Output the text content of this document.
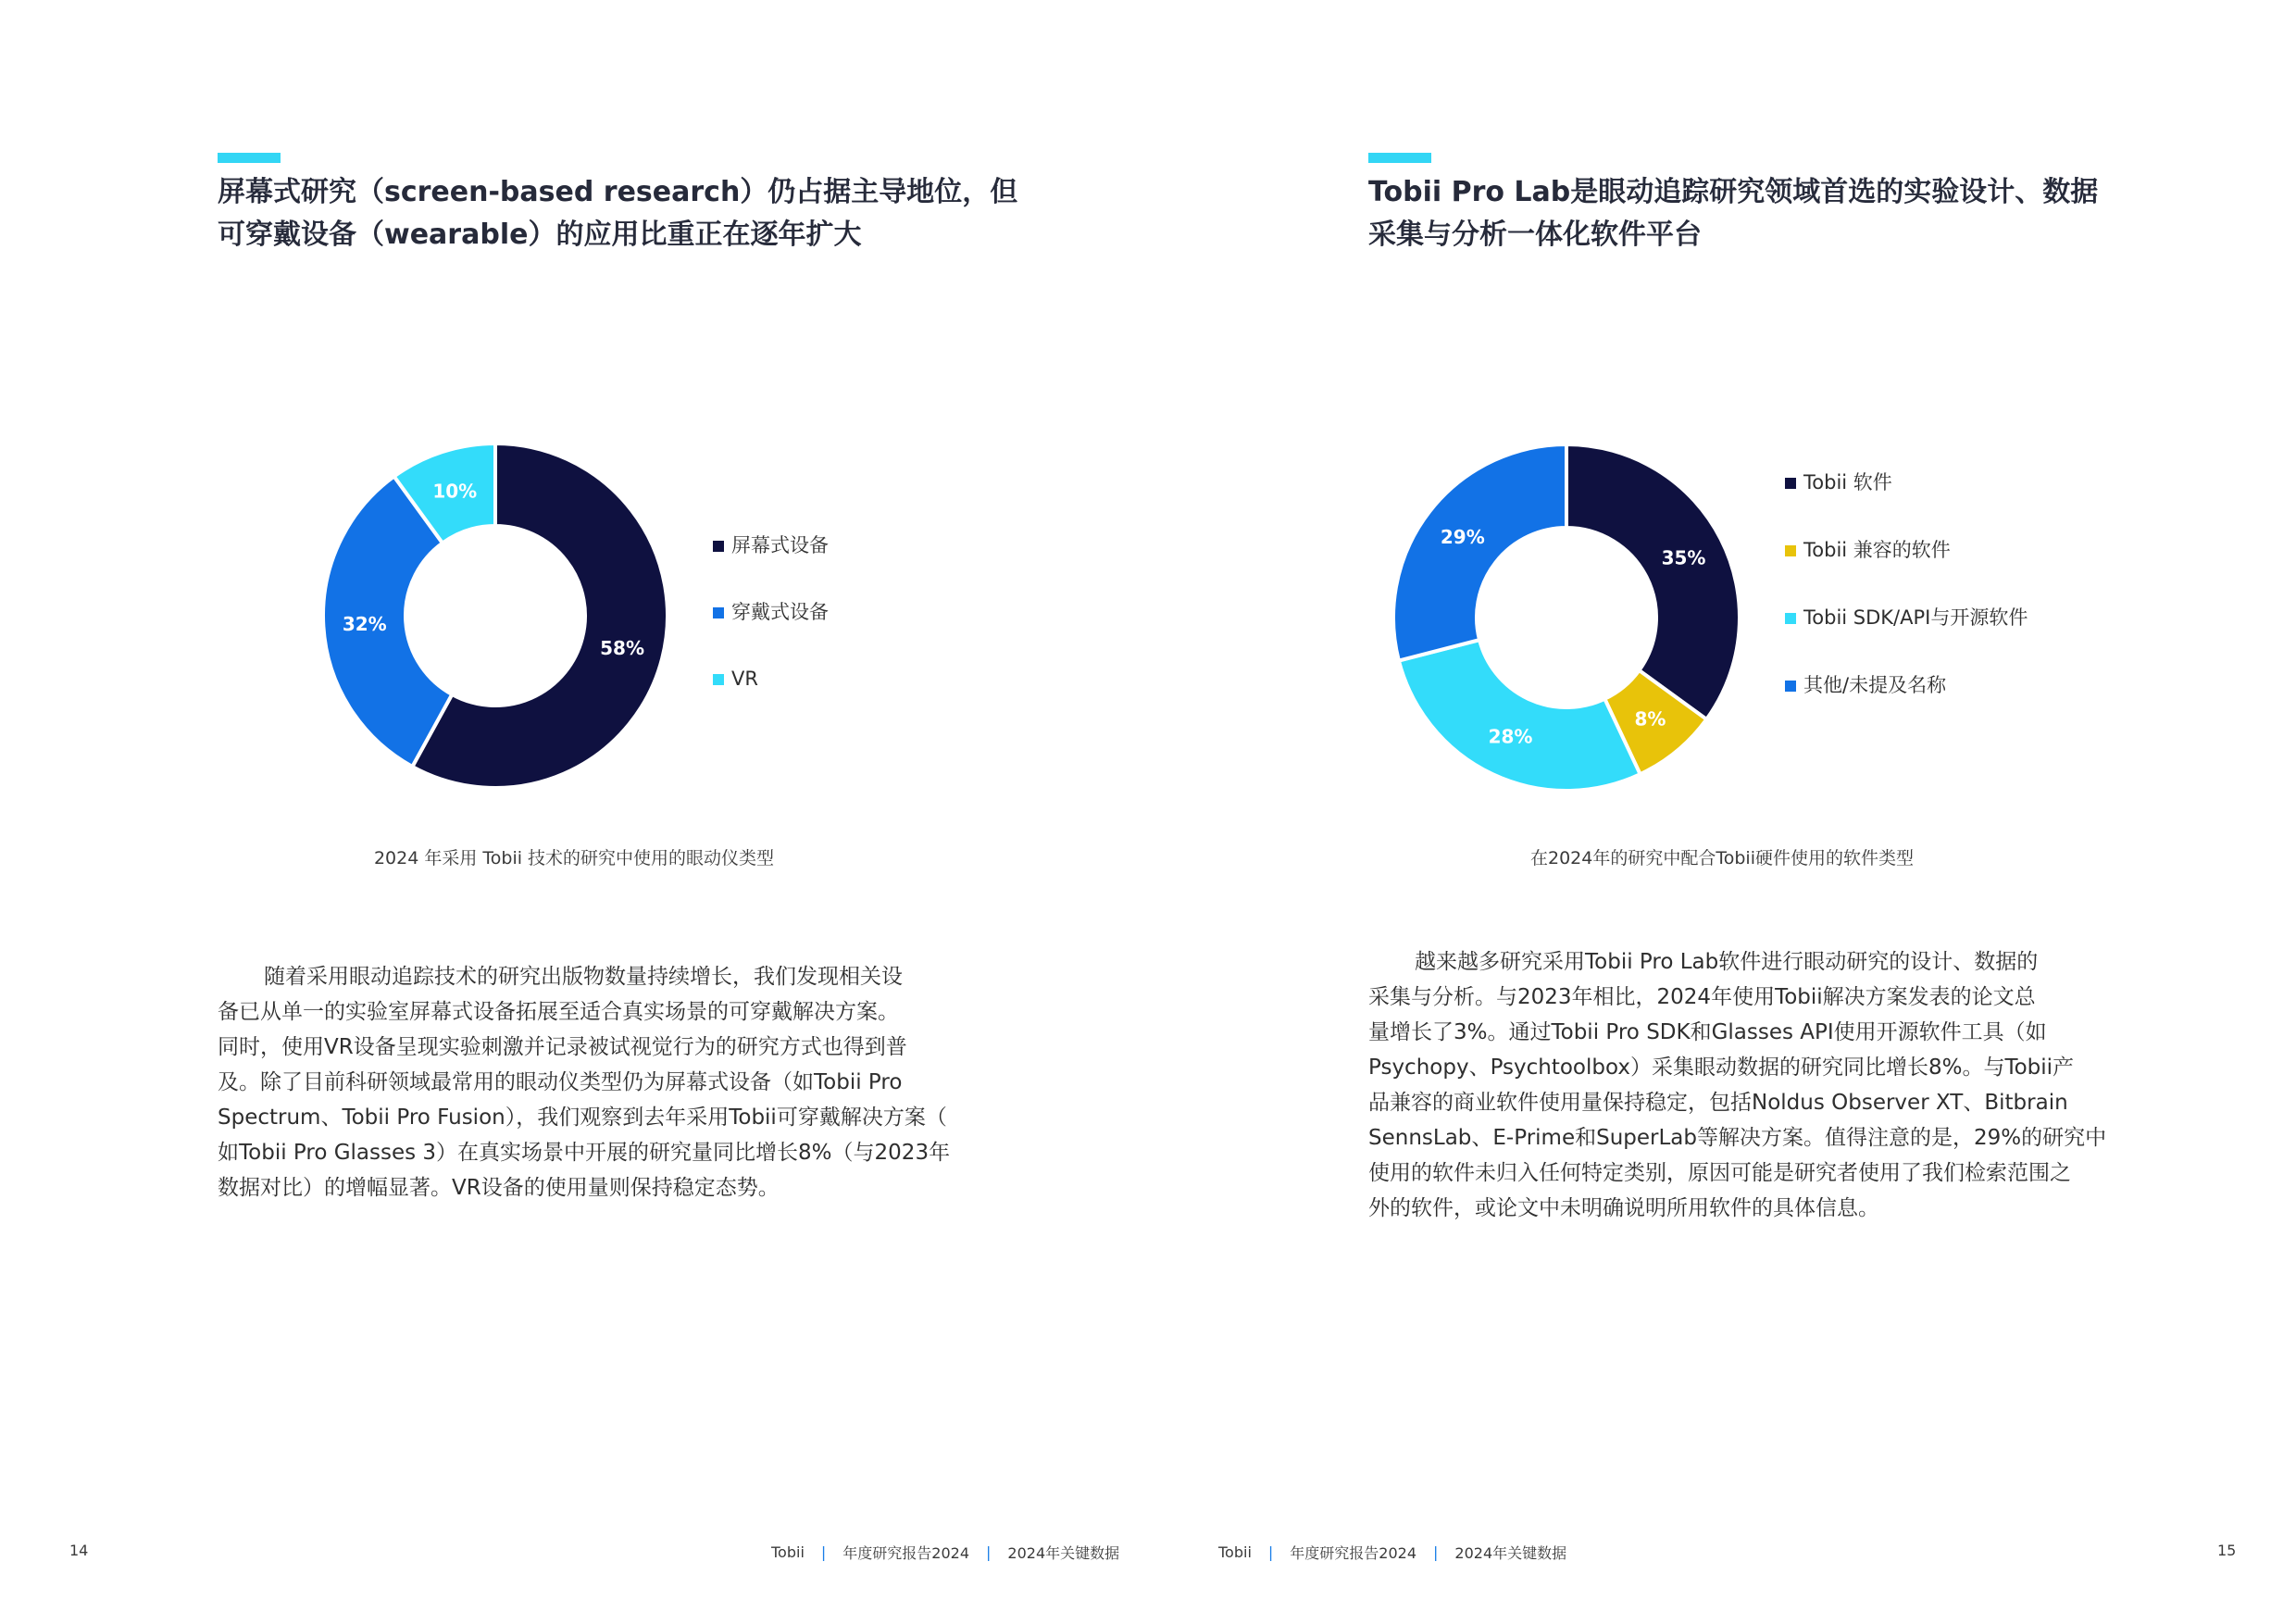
屏幕式研究（screen-based research）仍占据主导地位，但
可穿戴设备（wearable）的应用比重正在逐年扩大
58%
32%
10%
屏幕式设备
穿戴式设备
VR
2024 年采用 Tobii 技术的研究中使用的眼动仪类型

随着采用眼动追踪技术的研究出版物数量持续增长，我们发现相关设
备已从单一的实验室屏幕式设备拓展至适合真实场景的可穿戴解决方案。
同时，使用VR设备呈现实验刺激并记录被试视觉行为的研究方式也得到普
及。除了目前科研领域最常用的眼动仪类型仍为屏幕式设备（如Tobii Pro
Spectrum、Tobii Pro Fusion），我们观察到去年采用Tobii可穿戴解决方案（
如Tobii Pro Glasses 3）在真实场景中开展的研究量同比增长8%（与2023年
数据对比）的增幅显著。VR设备的使用量则保持稳定态势。

Tobii Pro Lab是眼动追踪研究领域首选的实验设计、数据
采集与分析一体化软件平台
35%
8%
28%
29%
Tobii 软件
Tobii 兼容的软件
Tobii SDK/API与开源软件
其他/未提及名称
在2024年的研究中配合Tobii硬件使用的软件类型

越来越多研究采用Tobii Pro Lab软件进行眼动研究的设计、数据的
采集与分析。与2023年相比，2024年使用Tobii解决方案发表的论文总
量增长了3%。通过Tobii Pro SDK和Glasses API使用开源软件工具（如
Psychopy、Psychtoolbox）采集眼动数据的研究同比增长8%。与Tobii产
品兼容的商业软件使用量保持稳定，包括Noldus Observer XT、Bitbrain
SennsLab、E-Prime和SuperLab等解决方案。值得注意的是，29%的研究中
使用的软件未归入任何特定类别，原因可能是研究者使用了我们检索范围之
外的软件，或论文中未明确说明所用软件的具体信息。

14	Tobii | 年度研究报告2024 | 2024年关键数据	Tobii | 年度研究报告2024 | 2024年关键数据	15
